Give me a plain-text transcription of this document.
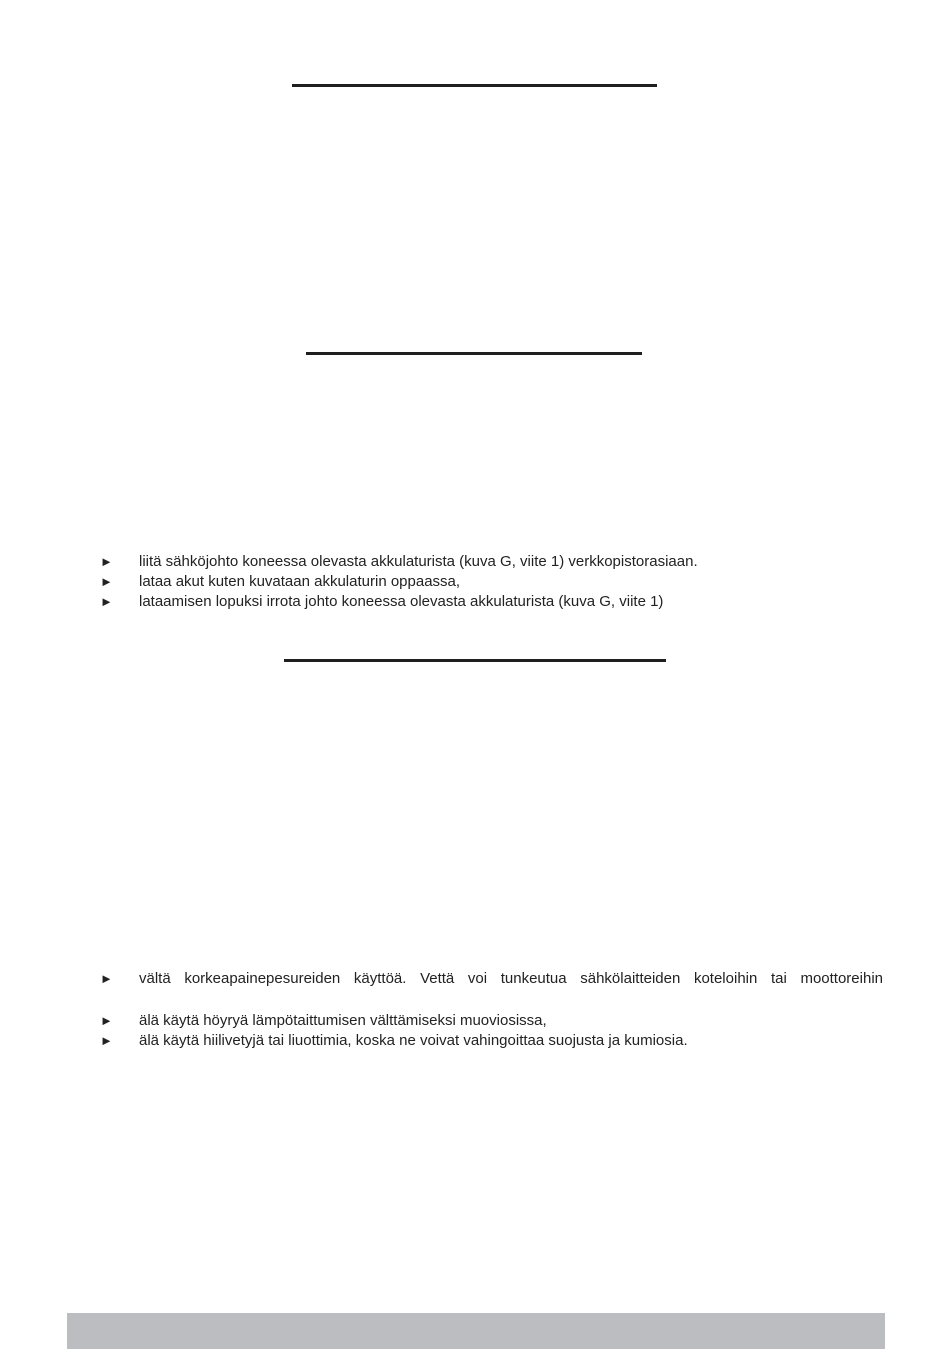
► liitä sähköjohto koneessa olevasta akkulaturista (kuva G, viite 1) verkkopistorasiaan.
► lataa akut kuten kuvataan akkulaturin oppaassa,
► lataamisen lopuksi irrota johto koneessa olevasta akkulaturista (kuva G, viite 1)
► vältä korkeapainepesureiden käyttöä. Vettä voi tunkeutua sähkölaitteiden koteloihin tai moottoreihin
► älä käytä höyryä lämpötaittumisen välttämiseksi muoviosissa,
► älä käytä hiilivetyjä tai liuottimia, koska ne voivat vahingoittaa suojusta ja kumiosia.
